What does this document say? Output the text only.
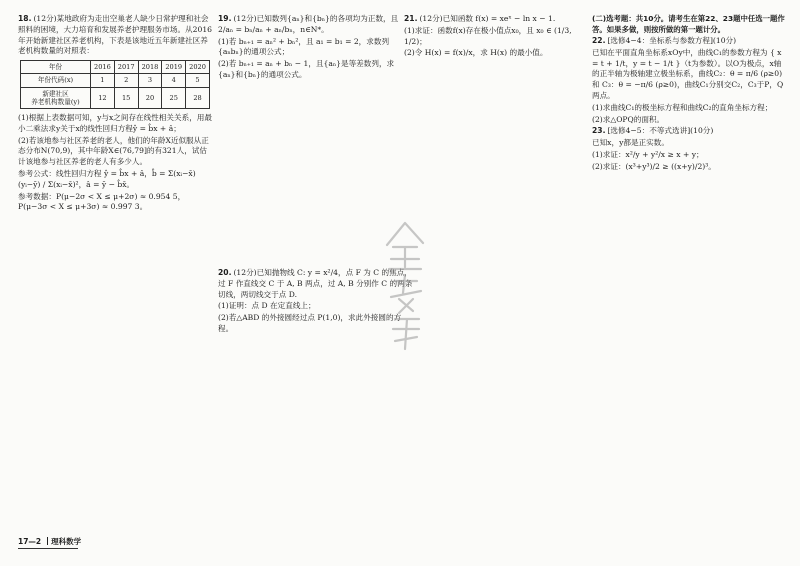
18. (12分)某地政府为走出空巢老人缺少日常护理和社会照料的困境，大力培育和发展养老护理服务市场。从2016年开始新建社区养老机构，下表是该地近五年新建社区养老机构数量的对照表：
年份	2016	2017	2018	2019	2020
年份代码(x)	1	2	3	4	5
新建社区
养老机构数量(y)	12	15	20	25	28
(1)根据上表数据可知，y与x之间存在线性相关关系，用最小二乘法求y关于x的线性回归方程ŷ = b̂x + â；
(2)若该地参与社区养老的老人，他们的年龄X近似服从正态分布N(70,9)，其中年龄X∈(76,79]的有321人，试估计该地参与社区养老的老人有多少人。
参考公式：线性回归方程 ŷ = b̂x + â，b̂ = Σ(xᵢ−x̄)(yᵢ−ȳ) / Σ(xᵢ−x̄)²，â = ȳ − b̂x̄。
参考数据：P(μ−2σ < X ≤ μ+2σ) ≈ 0.954 5，P(μ−3σ < X ≤ μ+3σ) ≈ 0.997 3。
19. (12分)已知数列{aₙ}和{bₙ}的各项均为正数，且 2/aₙ = bₙ/aₙ + aₙ/bₙ，n∈N*。
(1)若 bₙ₊₁ = aₙ² + bₙ²，且 a₁ = b₁ = 2，求数列{aₙbₙ}的通项公式；
(2)若 bₙ₊₁ = aₙ + bₙ − 1，且{aₙ}是等差数列，求{aₙ}和{bₙ}的通项公式。
20. (12分)已知抛物线 C: y = x²/4，点 F 为 C 的焦点，过 F 作直线交 C 于 A, B 两点，过 A, B 分别作 C 的两条切线，两切线交于点 D.
(1)证明：点 D 在定直线上；
(2)若△ABD 的外接圆经过点 P(1,0)，求此外接圆的方程。
21. (12分)已知函数 f(x) = xeˣ − ln x − 1.
(1)求证：函数f(x)存在极小值点x₀，且 x₀ ∈ (1/3, 1/2)；
(2)令 H(x) = f(x)/x，求 H(x) 的最小值。
(二)选考题：共10分。请考生在第22、23题中任选一题作答。如果多做，则按所做的第一题计分。
22. [选修4−4：坐标系与参数方程](10分)
已知在平面直角坐标系xOy中，曲线C₁的参数方程为 { x = t + 1/t，y = t − 1/t }（t为参数）。以O为极点，x轴的正半轴为极轴建立极坐标系，曲线C₂：θ = π/6 (ρ≥0) 和 C₃：θ = −π/6 (ρ≥0)，曲线C₁分别交C₂，C₃于P，Q两点。
(1)求曲线C₁的极坐标方程和曲线C₂的直角坐标方程；
(2)求△OPQ的面积。
23. [选修4−5：不等式选讲](10分)
已知x，y都是正实数。
(1)求证：x²/y + y²/x ≥ x + y；
(2)求证：(x³+y³)/2 ≥ ((x+y)/2)³。
17—2 理科数学
